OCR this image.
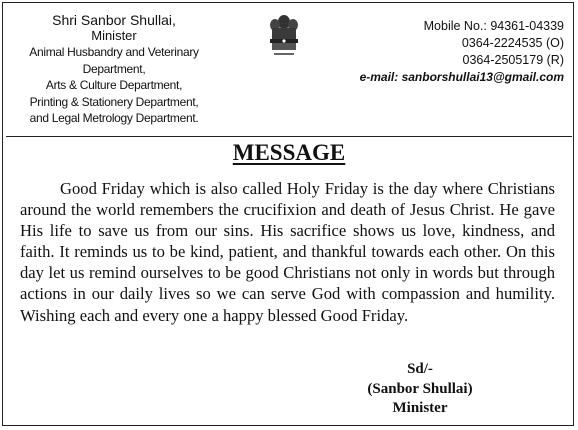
Shri Sanbor Shullai,
Minister
Animal Husbandry and Veterinary
Department,
Arts & Culture Department,
Printing & Stationery Department,
and Legal Metrology Department.
Mobile No.: 94361-04339
0364-2224535 (O)
0364-2505179 (R)
e-mail: sanborshullai13@gmail.com
MESSAGE
Good Friday which is also called Holy Friday is the day where Christians around the world remembers the crucifixion and death of Jesus Christ. He gave His life to save us from our sins. His sacrifice shows us love, kindness, and faith. It reminds us to be kind, patient, and thankful towards each other. On this day let us remind ourselves to be good Christians not only in words but through actions in our daily lives so we can serve God with compassion and humility. Wishing each and every one a happy blessed Good Friday.
Sd/-
(Sanbor Shullai)
Minister
